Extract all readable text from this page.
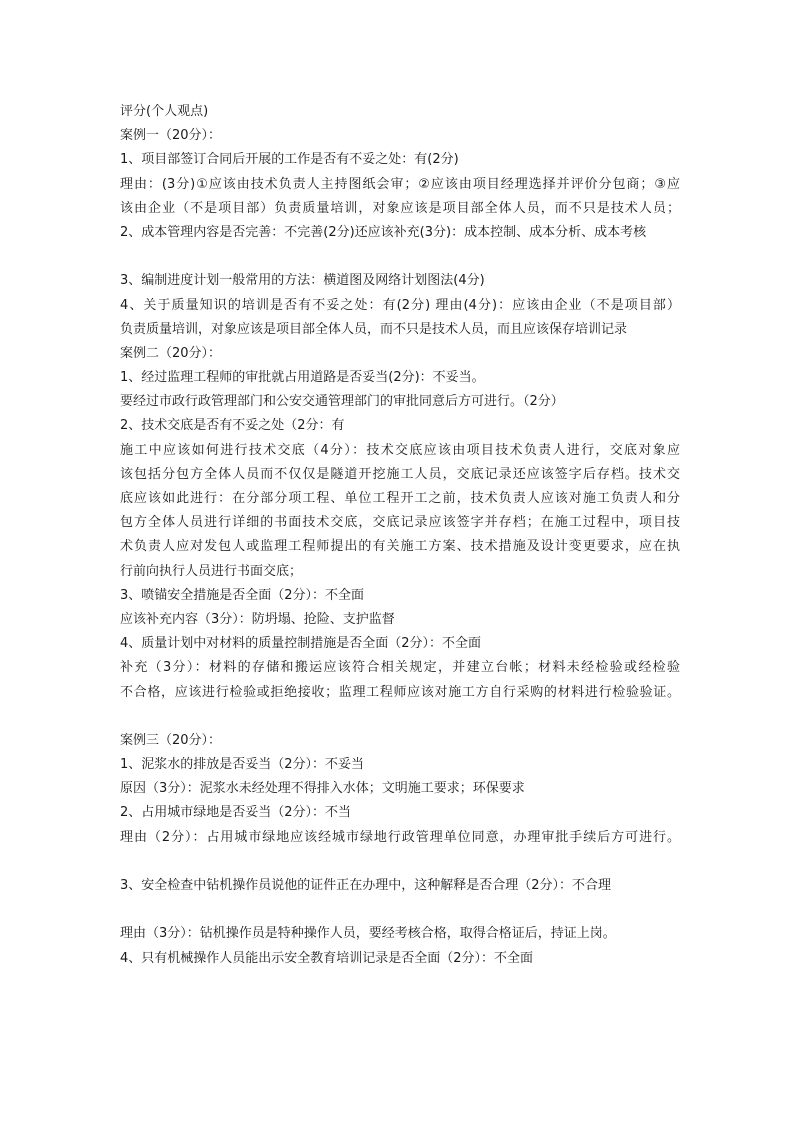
评分(个人观点)
案例一（20分）：
1、项目部签订合同后开展的工作是否有不妥之处：有(2分)
理由：(3分)①应该由技术负责人主持图纸会审；②应该由项目经理选择并评价分包商；③应
该由企业（不是项目部）负责质量培训，对象应该是项目部全体人员，而不只是技术人员；
2、成本管理内容是否完善：不完善(2分)还应该补充(3分)：成本控制、成本分析、成本考核
3、编制进度计划一般常用的方法：横道图及网络计划图法(4分)
4、关于质量知识的培训是否有不妥之处：有(2分) 理由(4分)：应该由企业（不是项目部）
负责质量培训，对象应该是项目部全体人员，而不只是技术人员，而且应该保存培训记录
案例二（20分）：
1、经过监理工程师的审批就占用道路是否妥当(2分)：不妥当。
要经过市政行政管理部门和公安交通管理部门的审批同意后方可进行。（2分）
2、技术交底是否有不妥之处（2分：有
施工中应该如何进行技术交底（4分）：技术交底应该由项目技术负责人进行，交底对象应
该包括分包方全体人员而不仅仅是隧道开挖施工人员，交底记录还应该签字后存档。技术交
底应该如此进行：在分部分项工程、单位工程开工之前，技术负责人应该对施工负责人和分
包方全体人员进行详细的书面技术交底，交底记录应该签字并存档；在施工过程中，项目技
术负责人应对发包人或监理工程师提出的有关施工方案、技术措施及设计变更要求，应在执
行前向执行人员进行书面交底；
3、喷锚安全措施是否全面（2分）：不全面
应该补充内容（3分）：防坍塌、抢险、支护监督
4、质量计划中对材料的质量控制措施是否全面（2分）：不全面
补充（3分）：材料的存储和搬运应该符合相关规定，并建立台帐；材料未经检验或经检验
不合格，应该进行检验或拒绝接收；监理工程师应该对施工方自行采购的材料进行检验验证。
案例三（20分）：
1、泥浆水的排放是否妥当（2分）：不妥当
原因（3分）：泥浆水未经处理不得排入水体；文明施工要求；环保要求
2、占用城市绿地是否妥当（2分）：不当
理由（2分）：占用城市绿地应该经城市绿地行政管理单位同意，办理审批手续后方可进行。
3、安全检查中钻机操作员说他的证件正在办理中，这种解释是否合理（2分）：不合理
理由（3分）：钻机操作员是特种操作人员，要经考核合格，取得合格证后，持证上岗。
4、只有机械操作人员能出示安全教育培训记录是否全面（2分）：不全面
